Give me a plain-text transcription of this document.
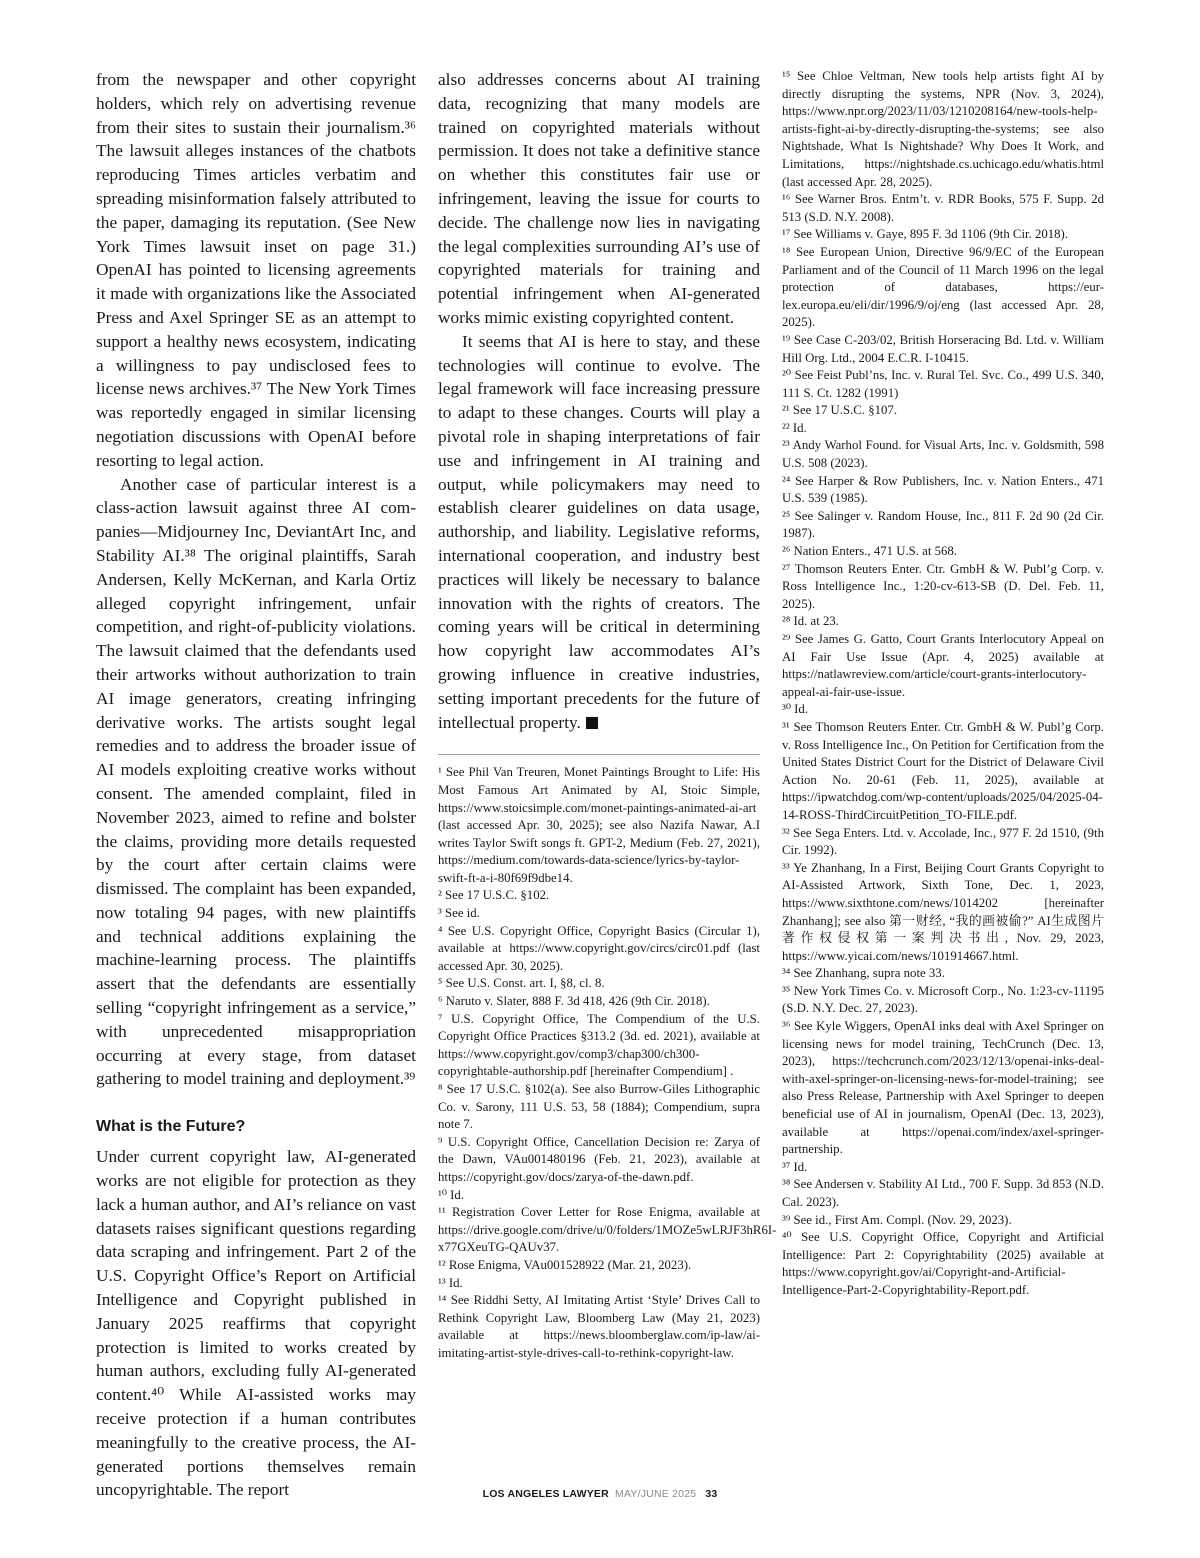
from the newspaper and other copyright holders, which rely on advertising revenue from their sites to sustain their journalism.³⁶ The lawsuit alleges instances of the chatbots reproducing Times articles verbatim and spreading misinformation falsely attributed to the paper, damaging its reputation. (See New York Times lawsuit inset on page 31.) OpenAI has pointed to licensing agreements it made with organizations like the Associated Press and Axel Springer SE as an attempt to support a healthy news ecosystem, indicating a willingness to pay undisclosed fees to license news archives.³⁷ The New York Times was reportedly engaged in similar licensing negotiation discussions with OpenAI before resorting to legal action.

Another case of particular interest is a class-action lawsuit against three AI companies—Midjourney Inc, DeviantArt Inc, and Stability AI.³⁸ The original plaintiffs, Sarah Andersen, Kelly McKernan, and Karla Ortiz alleged copyright infringement, unfair competition, and right-of-publicity violations. The lawsuit claimed that the defendants used their artworks without authorization to train AI image generators, creating infringing derivative works. The artists sought legal remedies and to address the broader issue of AI models exploiting creative works without consent. The amended complaint, filed in November 2023, aimed to refine and bolster the claims, providing more details requested by the court after certain claims were dismissed. The complaint has been expanded, now totaling 94 pages, with new plaintiffs and technical additions explaining the machine-learning process. The plaintiffs assert that the defendants are essentially selling “copyright infringement as a service,” with unprecedented misappropriation occurring at every stage, from dataset gathering to model training and deployment.³⁹

What is the Future?

Under current copyright law, AI-generated works are not eligible for protection as they lack a human author, and AI’s reliance on vast datasets raises significant questions regarding data scraping and infringement. Part 2 of the U.S. Copyright Office’s Report on Artificial Intelligence and Copyright published in January 2025 reaffirms that copyright protection is limited to works created by human authors, excluding fully AI-generated content.⁴⁰ While AI-assisted works may receive protection if a human contributes meaningfully to the creative process, the AI-generated portions themselves remain uncopyrightable. The report

also addresses concerns about AI training data, recognizing that many models are trained on copyrighted materials without permission. It does not take a definitive stance on whether this constitutes fair use or infringement, leaving the issue for courts to decide. The challenge now lies in navigating the legal complexities surrounding AI’s use of copyrighted materials for training and potential infringement when AI-generated works mimic existing copyrighted content.

It seems that AI is here to stay, and these technologies will continue to evolve. The legal framework will face increasing pressure to adapt to these changes. Courts will play a pivotal role in shaping interpretations of fair use and infringement in AI training and output, while policymakers may need to establish clearer guidelines on data usage, authorship, and liability. Legislative reforms, international cooperation, and industry best practices will likely be necessary to balance innovation with the rights of creators. The coming years will be critical in determining how copyright law accommodates AI’s growing influence in creative industries, setting important precedents for the future of intellectual property.

¹ See Phil Van Treuren, Monet Paintings Brought to Life: His Most Famous Art Animated by AI, Stoic Simple, https://www.stoicsimple.com/monet-paintings-animated-ai-art (last accessed Apr. 30, 2025); see also Nazifa Nawar, A.I writes Taylor Swift songs ft. GPT-2, Medium (Feb. 27, 2021), https://medium.com/towards-data-science/lyrics-by-taylor-swift-ft-a-i-80f69f9dbe14.

² See 17 U.S.C. §102.

³ See id.

⁴ See U.S. Copyright Office, Copyright Basics (Circular 1), available at https://www.copyright.gov/circs/circ01.pdf (last accessed Apr. 30, 2025).

⁵ See U.S. Const. art. I, §8, cl. 8.

⁶ Naruto v. Slater, 888 F. 3d 418, 426 (9th Cir. 2018).

⁷ U.S. Copyright Office, The Compendium of the U.S. Copyright Office Practices §313.2 (3d. ed. 2021), available at https://www.copyright.gov/comp3/chap300/ch300-copyrightable-authorship.pdf [hereinafter Compendium] .

⁸ See 17 U.S.C. §102(a). See also Burrow-Giles Lithographic Co. v. Sarony, 111 U.S. 53, 58 (1884); Compendium, supra note 7.

⁹ U.S. Copyright Office, Cancellation Decision re: Zarya of the Dawn, VAu001480196 (Feb. 21, 2023), available at https://copyright.gov/docs/zarya-of-the-dawn.pdf.

¹⁰ Id.

¹¹ Registration Cover Letter for Rose Enigma, available at https://drive.google.com/drive/u/0/folders/1MOZe5wLRJF3hR6I-x77GXeuTG-QAUv37.

¹² Rose Enigma, VAu001528922 (Mar. 21, 2023).

¹³ Id.

¹⁴ See Riddhi Setty, AI Imitating Artist ‘Style’ Drives Call to Rethink Copyright Law, Bloomberg Law (May 21, 2023) available at https://news.bloomberglaw.com/ip-law/ai-imitating-artist-style-drives-call-to-rethink-copyright-law.

¹⁵ See Chloe Veltman, New tools help artists fight AI by directly disrupting the systems, NPR (Nov. 3, 2024), https://www.npr.org/2023/11/03/1210208164/new-tools-help-artists-fight-ai-by-directly-disrupting-the-systems; see also Nightshade, What Is Nightshade? Why Does It Work, and Limitations, https://nightshade.cs.uchicago.edu/whatis.html (last accessed Apr. 28, 2025).

¹⁶ See Warner Bros. Entm’t. v. RDR Books, 575 F. Supp. 2d 513 (S.D. N.Y. 2008).

¹⁷ See Williams v. Gaye, 895 F. 3d 1106 (9th Cir. 2018).

¹⁸ See European Union, Directive 96/9/EC of the European Parliament and of the Council of 11 March 1996 on the legal protection of databases, https://eur-lex.europa.eu/eli/dir/1996/9/oj/eng (last accessed Apr. 28, 2025).

¹⁹ See Case C-203/02, British Horseracing Bd. Ltd. v. William Hill Org. Ltd., 2004 E.C.R. I-10415.

²⁰ See Feist Publ’ns, Inc. v. Rural Tel. Svc. Co., 499 U.S. 340, 111 S. Ct. 1282 (1991)

²¹ See 17 U.S.C. §107.

²² Id.

²³ Andy Warhol Found. for Visual Arts, Inc. v. Goldsmith, 598 U.S. 508 (2023).

²⁴ See Harper & Row Publishers, Inc. v. Nation Enters., 471 U.S. 539 (1985).

²⁵ See Salinger v. Random House, Inc., 811 F. 2d 90 (2d Cir. 1987).

²⁶ Nation Enters., 471 U.S. at 568.

²⁷ Thomson Reuters Enter. Ctr. GmbH & W. Publ’g Corp. v. Ross Intelligence Inc., 1:20-cv-613-SB (D. Del. Feb. 11, 2025).

²⁸ Id. at 23.

²⁹ See James G. Gatto, Court Grants Interlocutory Appeal on AI Fair Use Issue (Apr. 4, 2025) available at https://natlawreview.com/article/court-grants-interlocutory-appeal-ai-fair-use-issue.

³⁰ Id.

³¹ See Thomson Reuters Enter. Ctr. GmbH & W. Publ’g Corp. v. Ross Intelligence Inc., On Petition for Certification from the United States District Court for the District of Delaware Civil Action No. 20-61 (Feb. 11, 2025), available at https://ipwatchdog.com/wp-content/uploads/2025/04/2025-04-14-ROSS-ThirdCircuitPetition_TO-FILE.pdf.

³² See Sega Enters. Ltd. v. Accolade, Inc., 977 F. 2d 1510, (9th Cir. 1992).

³³ Ye Zhanhang, In a First, Beijing Court Grants Copyright to AI-Assisted Artwork, Sixth Tone, Dec. 1, 2023, https://www.sixthtone.com/news/1014202 [hereinafter Zhanhang]; see also 第一财经, “我的画被偷?” AI生成图片著作权侵权第一案判决书出, Nov. 29, 2023, https://www.yicai.com/news/101914667.html.

³⁴ See Zhanhang, supra note 33.

³⁵ New York Times Co. v. Microsoft Corp., No. 1:23-cv-11195 (S.D. N.Y. Dec. 27, 2023).

³⁶ See Kyle Wiggers, OpenAI inks deal with Axel Springer on licensing news for model training, TechCrunch (Dec. 13, 2023), https://techcrunch.com/2023/12/13/openai-inks-deal-with-axel-springer-on-licensing-news-for-model-training; see also Press Release, Partnership with Axel Springer to deepen beneficial use of AI in journalism, OpenAI (Dec. 13, 2023), available at https://openai.com/index/axel-springer-partnership.

³⁷ Id.

³⁸ See Andersen v. Stability AI Ltd., 700 F. Supp. 3d 853 (N.D. Cal. 2023).

³⁹ See id., First Am. Compl. (Nov. 29, 2023).

⁴⁰ See U.S. Copyright Office, Copyright and Artificial Intelligence: Part 2: Copyrightability (2025) available at https://www.copyright.gov/ai/Copyright-and-Artificial-Intelligence-Part-2-Copyrightability-Report.pdf.

LOS ANGELES LAWYER MAY/JUNE 2025 33
